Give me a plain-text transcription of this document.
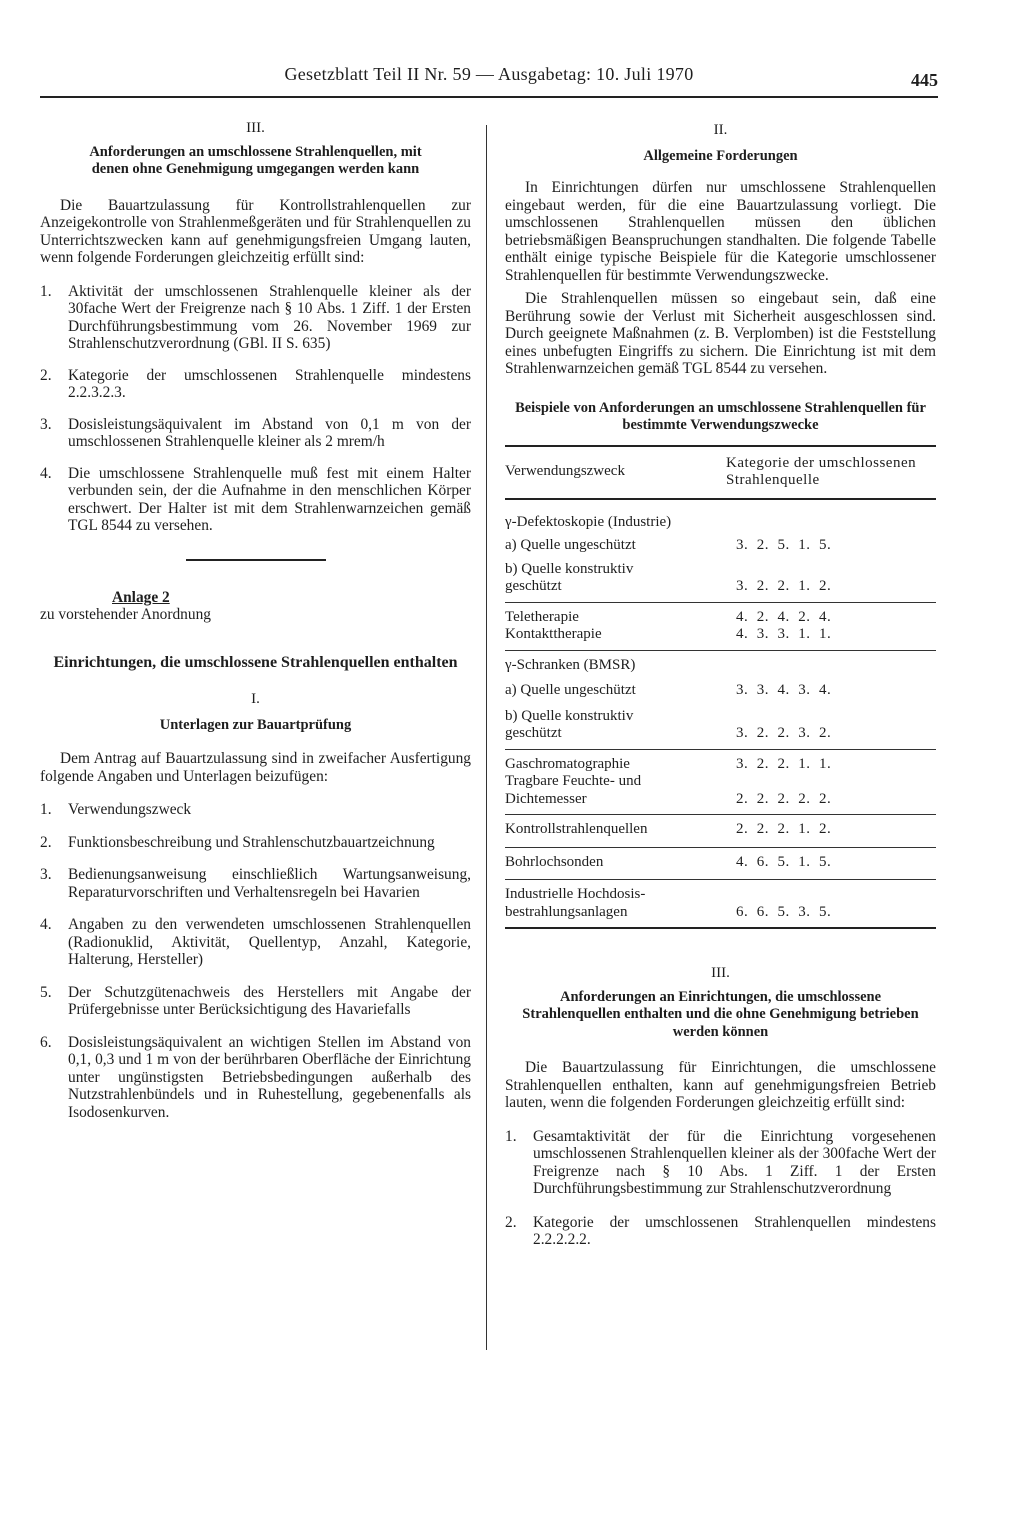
Gesetzblatt Teil II Nr. 59 — Ausgabetag: 10. Juli 1970	445

III.

Anforderungen an umschlossene Strahlenquellen, mit denen ohne Genehmigung umgegangen werden kann

Die Bauartzulassung für Kontrollstrahlenquellen zur Anzeigekontrolle von Strahlenmeßgeräten und für Strahlenquellen zu Unterrichtszwecken kann auf genehmigungsfreien Umgang lauten, wenn folgende Forderungen gleichzeitig erfüllt sind:

1.	Aktivität der umschlossenen Strahlenquelle kleiner als der 30fache Wert der Freigrenze nach § 10 Abs. 1 Ziff. 1 der Ersten Durchführungsbestimmung vom 26. November 1969 zur Strahlenschutzverordnung (GBl. II S. 635)
2.	Kategorie der umschlossenen Strahlenquelle mindestens 2.2.3.2.3.
3.	Dosisleistungsäquivalent im Abstand von 0,1 m von der umschlossenen Strahlenquelle kleiner als 2 mrem/h
4.	Die umschlossene Strahlenquelle muß fest mit einem Halter verbunden sein, der die Aufnahme in den menschlichen Körper erschwert. Der Halter ist mit dem Strahlenwarnzeichen gemäß TGL 8544 zu versehen.

Anlage 2

zu vorstehender Anordnung

Einrichtungen, die umschlossene Strahlenquellen enthalten

I.

Unterlagen zur Bauartprüfung

Dem Antrag auf Bauartzulassung sind in zweifacher Ausfertigung folgende Angaben und Unterlagen beizufügen:

1.	Verwendungszweck
2.	Funktionsbeschreibung und Strahlenschutzbauartzeichnung
3.	Bedienungsanweisung einschließlich Wartungsanweisung, Reparaturvorschriften und Verhaltensregeln bei Havarien
4.	Angaben zu den verwendeten umschlossenen Strahlenquellen (Radionuklid, Aktivität, Quellentyp, Anzahl, Kategorie, Halterung, Hersteller)
5.	Der Schutzgütenachweis des Herstellers mit Angabe der Prüfergebnisse unter Berücksichtigung des Havariefalls
6.	Dosisleistungsäquivalent an wichtigen Stellen im Abstand von 0,1, 0,3 und 1 m von der berührbaren Oberfläche der Einrichtung unter ungünstigsten Betriebsbedingungen außerhalb des Nutzstrahlenbündels und in Ruhestellung, gegebenenfalls als Isodosenkurven.

II.

Allgemeine Forderungen

In Einrichtungen dürfen nur umschlossene Strahlenquellen eingebaut werden, für die eine Bauartzulassung vorliegt. Die umschlossenen Strahlenquellen müssen den üblichen betriebsmäßigen Beanspruchungen standhalten. Die folgende Tabelle enthält einige typische Beispiele für die Kategorie umschlossener Strahlenquellen für bestimmte Verwendungszwecke.

Die Strahlenquellen müssen so eingebaut sein, daß eine Berührung sowie der Verlust mit Sicherheit ausgeschlossen sind. Durch geeignete Maßnahmen (z. B. Verplomben) ist die Feststellung eines unbefugten Eingriffs zu sichern. Die Einrichtung ist mit dem Strahlenwarnzeichen gemäß TGL 8544 zu versehen.

Beispiele von Anforderungen an umschlossene Strahlenquellen für bestimmte Verwendungszwecke

Verwendungszweck	Kategorie der umschlossenen Strahlenquelle
γ-Defektoskopie (Industrie)	
a) Quelle ungeschützt	3.  2.  5.  1.  5.
b) Quelle konstruktiv	
geschützt	3.  2.  2.  1.  2.
Teletherapie	4.  2.  4.  2.  4.
Kontakttherapie	4.  3.  3.  1.  1.
γ-Schranken (BMSR)	
a) Quelle ungeschützt	3.  3.  4.  3.  4.
b) Quelle konstruktiv	
geschützt	3.  2.  2.  3.  2.
Gaschromatographie	3.  2.  2.  1.  1.
Tragbare Feuchte- und	
Dichtemesser	2.  2.  2.  2.  2.
Kontrollstrahlenquellen	2.  2.  2.  1.  2.
Bohrlochsonden	4.  6.  5.  1.  5.
Industrielle Hochdosis-	
bestrahlungsanlagen	6.  6.  5.  3.  5.

III.

Anforderungen an Einrichtungen, die umschlossene Strahlenquellen enthalten und die ohne Genehmigung betrieben werden können

Die Bauartzulassung für Einrichtungen, die umschlossene Strahlenquellen enthalten, kann auf genehmigungsfreien Betrieb lauten, wenn die folgenden Forderungen gleichzeitig erfüllt sind:

1.	Gesamtaktivität der für die Einrichtung vorgesehenen umschlossenen Strahlenquellen kleiner als der 300fache Wert der Freigrenze nach § 10 Abs. 1 Ziff. 1 der Ersten Durchführungsbestimmung zur Strahlenschutzverordnung
2.	Kategorie der umschlossenen Strahlenquellen mindestens 2.2.2.2.2.
